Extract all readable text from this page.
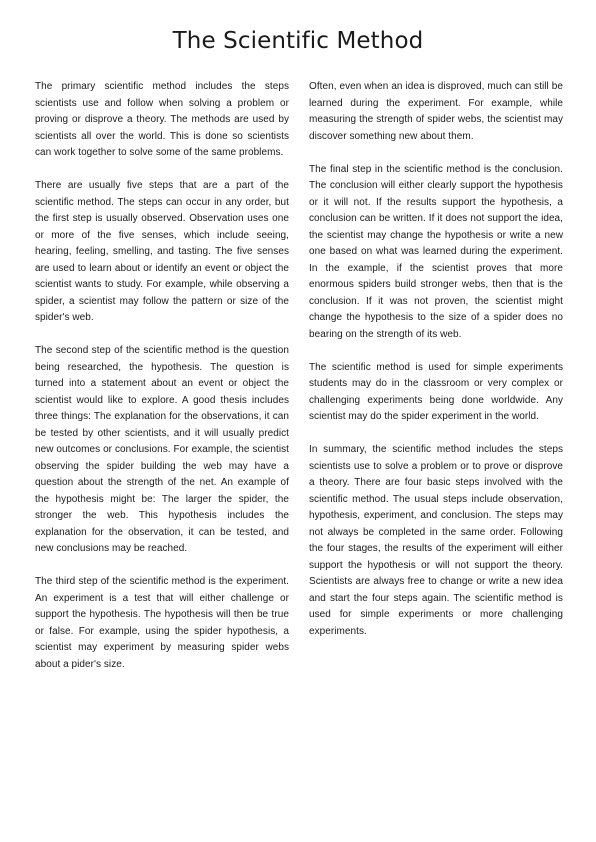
The Scientific Method

The primary scientific method includes the steps scientists use and follow when solving a problem or proving or disprove a theory. The methods are used by scientists all over the world. This is done so scientists can work together to solve some of the same problems.

There are usually five steps that are a part of the scientific method. The steps can occur in any order, but the first step is usually observed. Observation uses one or more of the five senses, which include seeing, hearing, feeling, smelling, and tasting. The five senses are used to learn about or identify an event or object the scientist wants to study. For example, while observing a spider, a scientist may follow the pattern or size of the spider's web.

The second step of the scientific method is the question being researched, the hypothesis. The question is turned into a statement about an event or object the scientist would like to explore. A good thesis includes three things: The explanation for the observations, it can be tested by other scientists, and it will usually predict new outcomes or conclusions. For example, the scientist observing the spider building the web may have a question about the strength of the net. An example of the hypothesis might be: The larger the spider, the stronger the web. This hypothesis includes the explanation for the observation, it can be tested, and new conclusions may be reached.

The third step of the scientific method is the experiment. An experiment is a test that will either challenge or support the hypothesis. The hypothesis will then be true or false. For example, using the spider hypothesis, a scientist may experiment by measuring spider webs about a pider's size.

Often, even when an idea is disproved, much can still be learned during the experiment. For example, while measuring the strength of spider webs, the scientist may discover something new about them.

The final step in the scientific method is the conclusion. The conclusion will either clearly support the hypothesis or it will not. If the results support the hypothesis, a conclusion can be written. If it does not support the idea, the scientist may change the hypothesis or write a new one based on what was learned during the experiment. In the example, if the scientist proves that more enormous spiders build stronger webs, then that is the conclusion. If it was not proven, the scientist might change the hypothesis to the size of a spider does no bearing on the strength of its web.

The scientific method is used for simple experiments students may do in the classroom or very complex or challenging experiments being done worldwide. Any scientist may do the spider experiment in the world.

In summary, the scientific method includes the steps scientists use to solve a problem or to prove or disprove a theory. There are four basic steps involved with the scientific method. The usual steps include observation, hypothesis, experiment, and conclusion. The steps may not always be completed in the same order. Following the four stages, the results of the experiment will either support the hypothesis or will not support the theory. Scientists are always free to change or write a new idea and start the four steps again. The scientific method is used for simple experiments or more challenging experiments.
